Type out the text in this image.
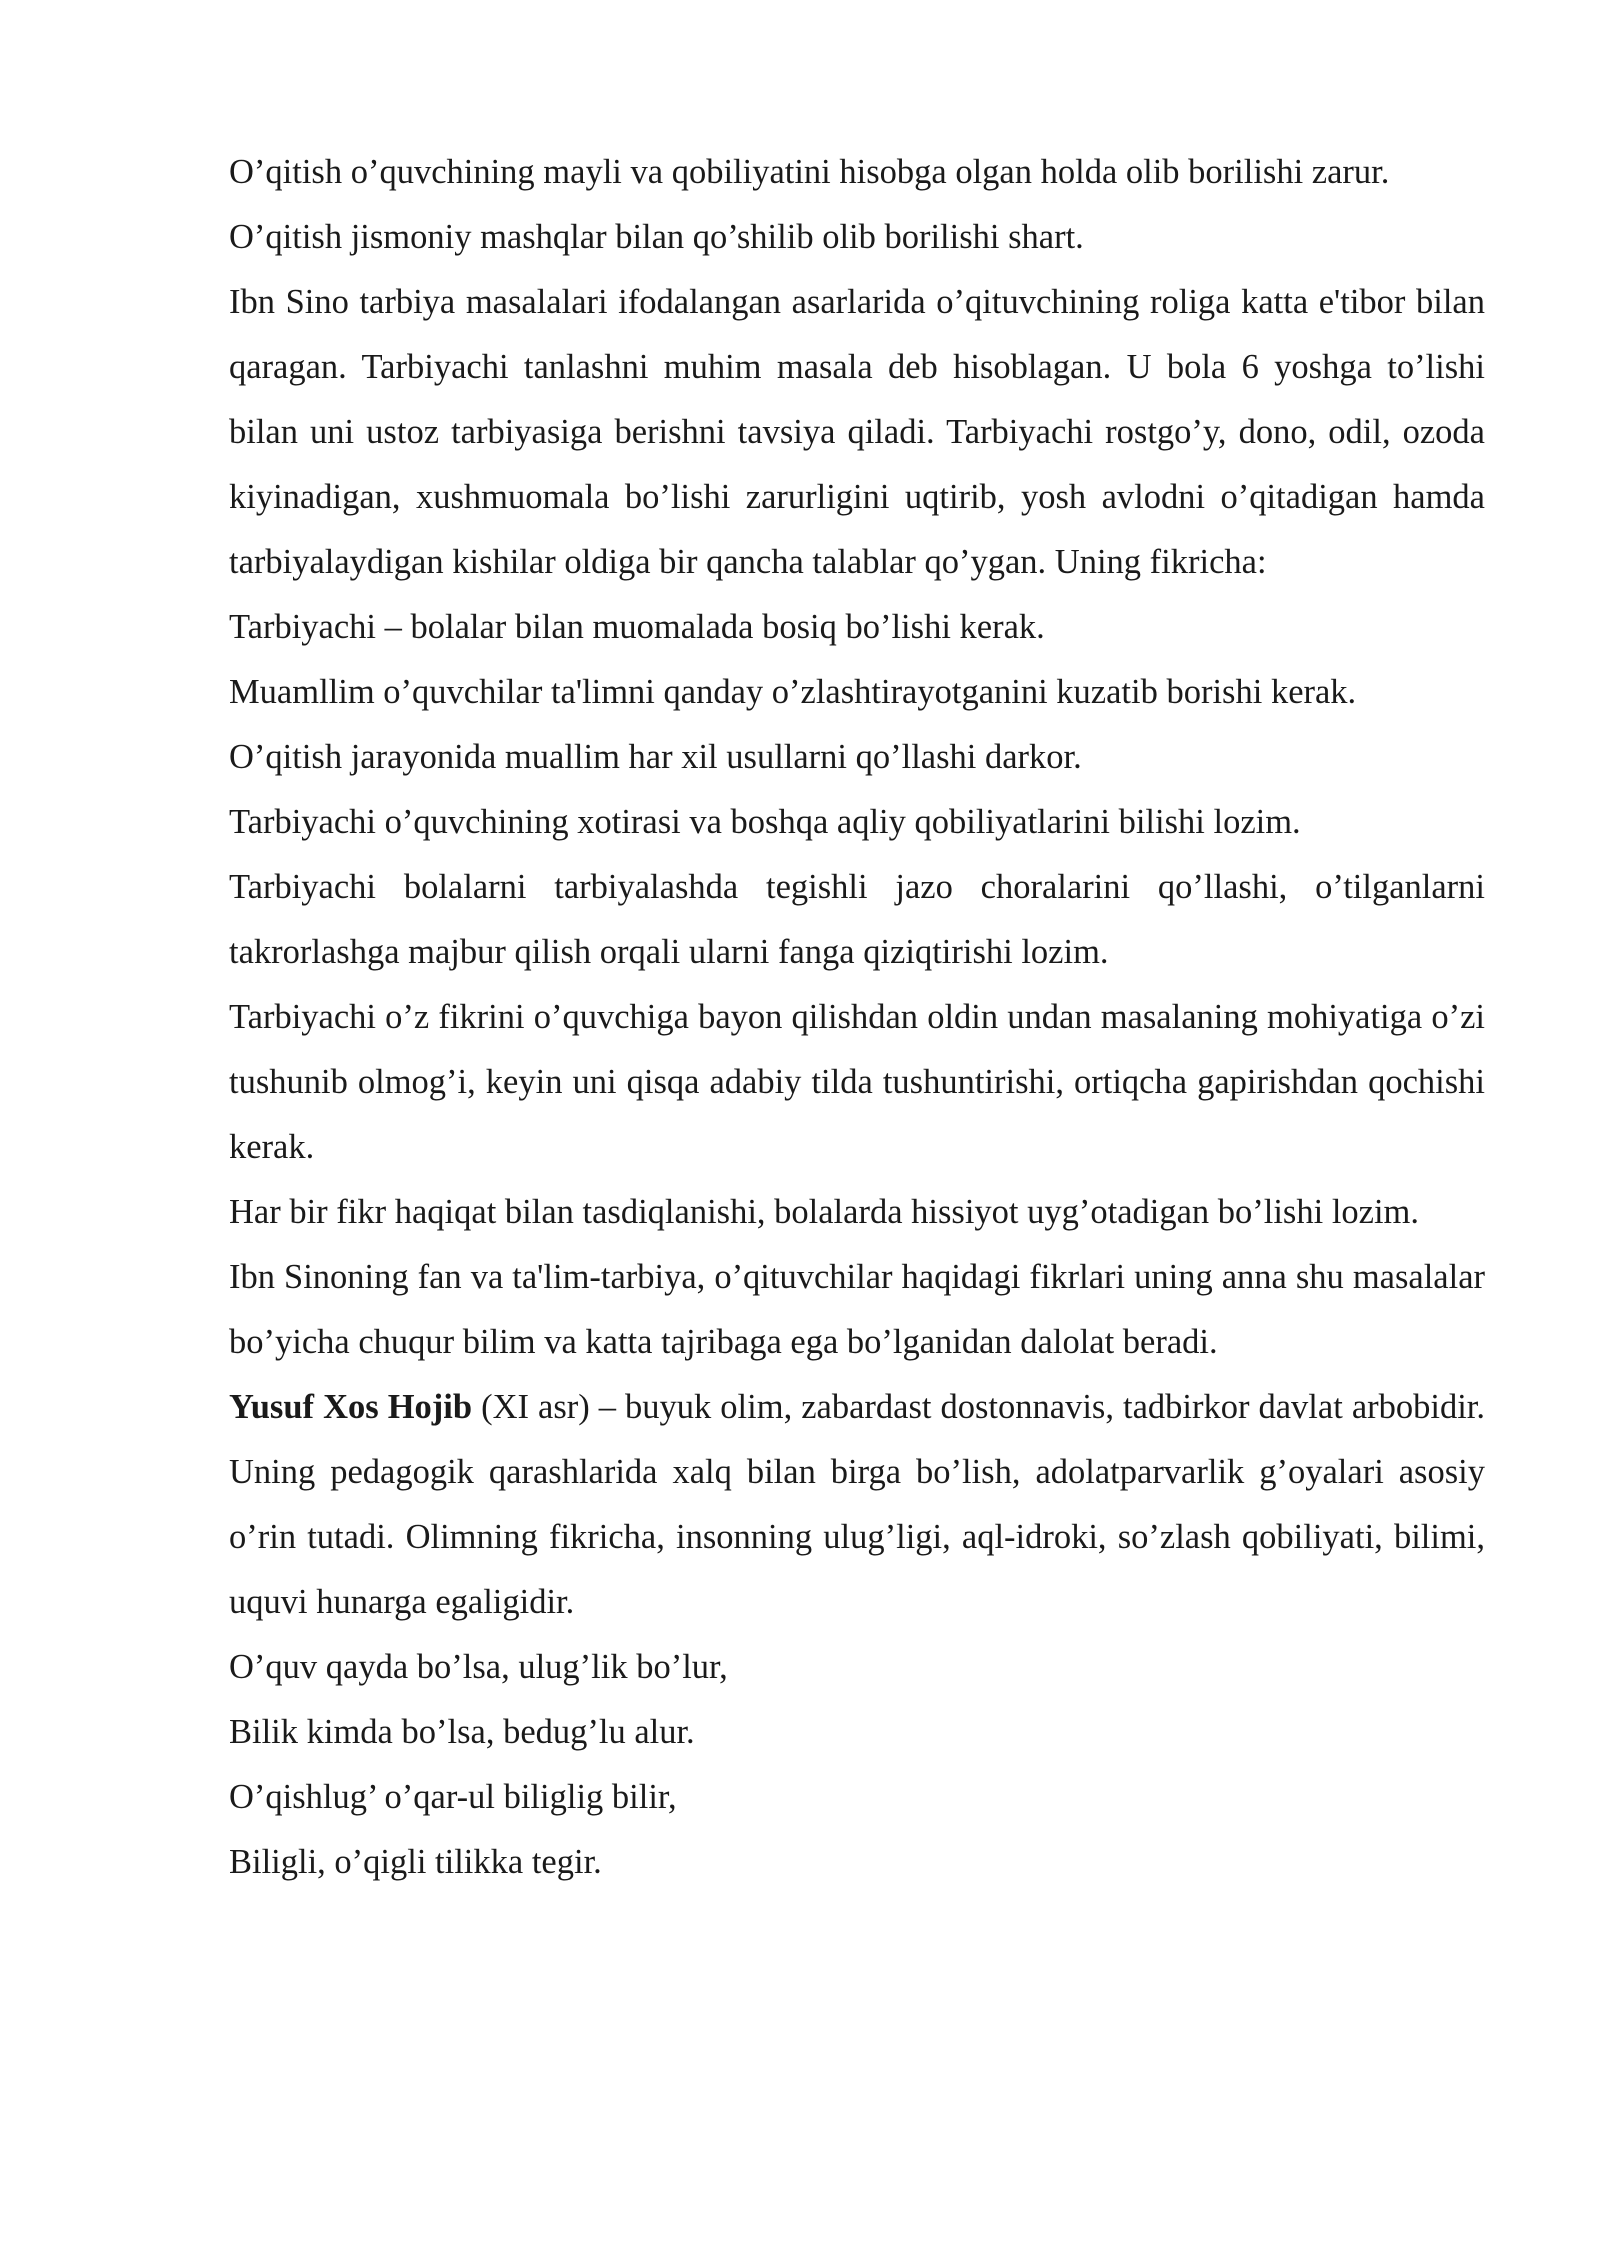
O’qitish o’quvchining mayli va qobiliyatini hisobga olgan holda olib borilishi zarur.

O’qitish jismoniy mashqlar bilan qo’shilib olib borilishi shart.

Ibn Sino tarbiya masalalari ifodalangan asarlarida o’qituvchining roliga katta e'tibor bilan qaragan. Tarbiyachi tanlashni muhim masala deb hisoblagan. U bola 6 yoshga to’lishi bilan uni ustoz tarbiyasiga berishni tavsiya qiladi. Tarbiyachi rostgo’y, dono, odil, ozoda kiyinadigan, xushmuomala bo’lishi zarurligini uqtirib, yosh avlodni o’qitadigan hamda tarbiyalaydigan kishilar oldiga bir qancha talablar qo’ygan. Uning fikricha:

Tarbiyachi – bolalar bilan muomalada bosiq bo’lishi kerak.

Muamllim o’quvchilar ta'limni qanday o’zlashtirayotganini kuzatib borishi kerak.

O’qitish jarayonida muallim har xil usullarni qo’llashi darkor.

Tarbiyachi o’quvchining xotirasi va boshqa aqliy qobiliyatlarini bilishi lozim.

Tarbiyachi bolalarni tarbiyalashda tegishli jazo choralarini qo’llashi, o’tilganlarni takrorlashga majbur qilish orqali ularni fanga qiziqtirishi lozim.

Tarbiyachi o’z fikrini o’quvchiga bayon qilishdan oldin undan masalaning mohiyatiga o’zi tushunib olmog’i, keyin uni qisqa adabiy tilda tushuntirishi, ortiqcha gapirishdan qochishi kerak.

Har bir fikr haqiqat bilan tasdiqlanishi, bolalarda hissiyot uyg’otadigan bo’lishi lozim.

Ibn Sinoning fan va ta'lim-tarbiya, o’qituvchilar haqidagi fikrlari uning anna shu masalalar bo’yicha chuqur bilim va katta tajribaga ega bo’lganidan dalolat beradi.

Yusuf Xos Hojib (XI asr) – buyuk olim, zabardast dostonnavis, tadbirkor davlat arbobidir. Uning pedagogik qarashlarida xalq bilan birga bo’lish, adolatparvarlik g’oyalari asosiy o’rin tutadi. Olimning fikricha, insonning ulug’ligi, aql-idroki, so’zlash qobiliyati, bilimi, uquvi hunarga egaligidir.

O’quv qayda bo’lsa, ulug’lik bo’lur,

Bilik kimda bo’lsa, bedug’lu alur.

O’qishlug’ o’qar-ul biliglig bilir,

Biligli, o’qigli tilikka tegir.
